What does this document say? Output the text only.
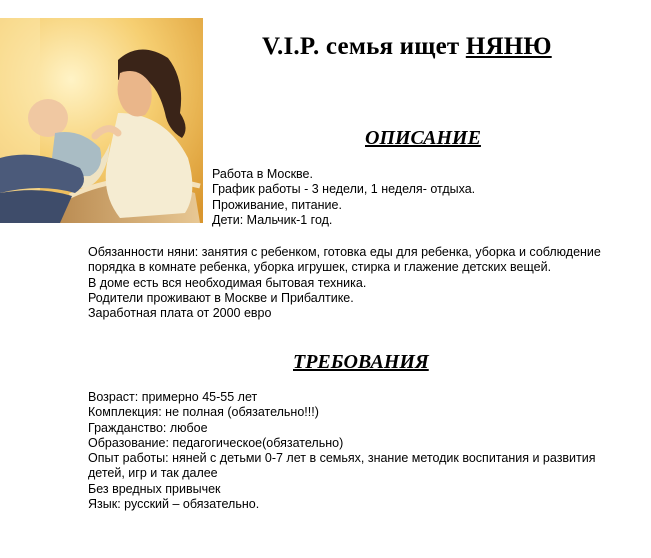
V.I.P. семья ищет НЯНЮ
ОПИСАНИЕ
Работа в Москве.
График работы - 3 недели, 1 неделя- отдыха.
Проживание, питание.
Дети: Мальчик-1 год.
Обязанности няни: занятия с ребенком, готовка еды для ребенка, уборка и соблюдение
порядка в комнате ребенка, уборка игрушек, стирка и глажение детских вещей.
В доме есть вся необходимая бытовая техника.
Родители проживают в Москве и Прибалтике.
Заработная плата от 2000 евро
ТРЕБОВАНИЯ
Возраст: примерно 45-55 лет
Комплекция: не полная (обязательно!!!)
Гражданство: любое
Образование: педагогическое(обязательно)
Опыт работы: няней с детьми 0-7 лет в семьях, знание методик воспитания и развития
детей, игр и так далее
Без вредных привычек
Язык: русский – обязательно.
